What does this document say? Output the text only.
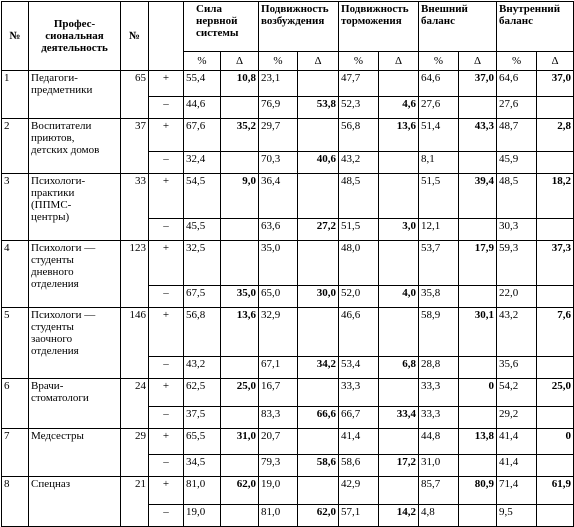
№	Профес-
сиональная
деятельность	№		Сила
нервной
системы		Подвижность
возбуждения		Подвижность
торможения		Внешний
баланс		Внутренний
баланс	
				%	Δ	%	Δ	%	Δ	%	Δ	%	Δ
1	Педагоги-
предметники	65	+	55,4	10,8	23,1		47,7		64,6	37,0	64,6	37,0
			–	44,6		76,9	53,8	52,3	4,6	27,6		27,6	
2	Воспитатели
приютов,
детских домов	37	+	67,6	35,2	29,7		56,8	13,6	51,4	43,3	48,7	2,8
			–	32,4		70,3	40,6	43,2		8,1		45,9	
3	Психологи-
практики
(ППМС-
центры)	33	+	54,5	9,0	36,4		48,5		51,5	39,4	48,5	18,2
			–	45,5		63,6	27,2	51,5	3,0	12,1		30,3	
4	Психологи —
студенты
дневного
отделения	123	+	32,5		35,0		48,0		53,7	17,9	59,3	37,3
			–	67,5	35,0	65,0	30,0	52,0	4,0	35,8		22,0	
5	Психологи —
студенты
заочного
отделения	146	+	56,8	13,6	32,9		46,6		58,9	30,1	43,2	7,6
			–	43,2		67,1	34,2	53,4	6,8	28,8		35,6	
6	Врачи-
стоматологи	24	+	62,5	25,0	16,7		33,3		33,3	0	54,2	25,0
			–	37,5		83,3	66,6	66,7	33,4	33,3		29,2	
7	Медсестры	29	+	65,5	31,0	20,7		41,4		44,8	13,8	41,4	0
			–	34,5		79,3	58,6	58,6	17,2	31,0		41,4	
8	Спецназ	21	+	81,0	62,0	19,0		42,9		85,7	80,9	71,4	61,9
			–	19,0		81,0	62,0	57,1	14,2	4,8		9,5	
